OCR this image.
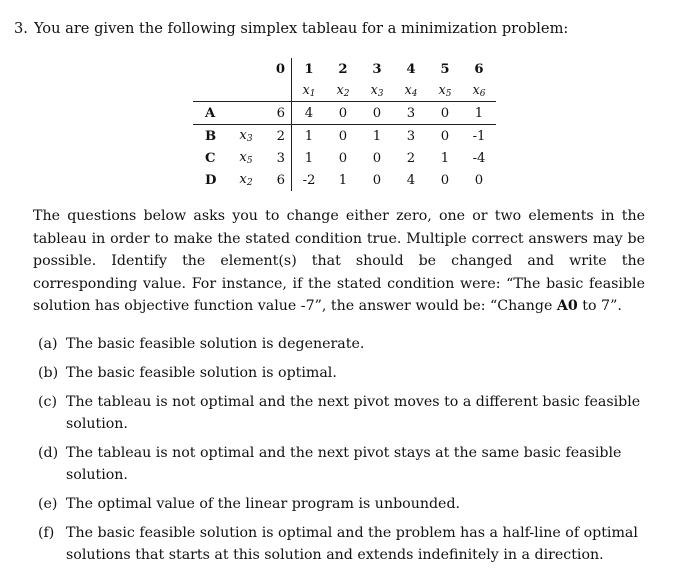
3. You are given the following simplex tableau for a minimization problem:
		0	1	2	3	4	5	6
			$x_1$	$x_2$	$x_3$	$x_4$	$x_5$	$x_6$
A		6	4	0	0	3	0	1
B	$x_3$	2	1	0	1	3	0	-1
C	$x_5$	3	1	0	0	2	1	-4
D	$x_2$	6	-2	1	0	4	0	0
The questions below asks you to change either zero, one or two elements in the tableau in order to make the stated condition true. Multiple correct answers may be possible. Identify the element(s) that should be changed and write the corresponding value. For instance, if the stated condition were: “The basic feasible solution has objective function value -7”, the answer would be: “Change A0 to 7”.
(a) The basic feasible solution is degenerate.
(b) The basic feasible solution is optimal.
(c) The tableau is not optimal and the next pivot moves to a different basic feasible solution.
(d) The tableau is not optimal and the next pivot stays at the same basic feasible solution.
(e) The optimal value of the linear program is unbounded.
(f) The basic feasible solution is optimal and the problem has a half-line of optimal solutions that starts at this solution and extends indefinitely in a direction.
